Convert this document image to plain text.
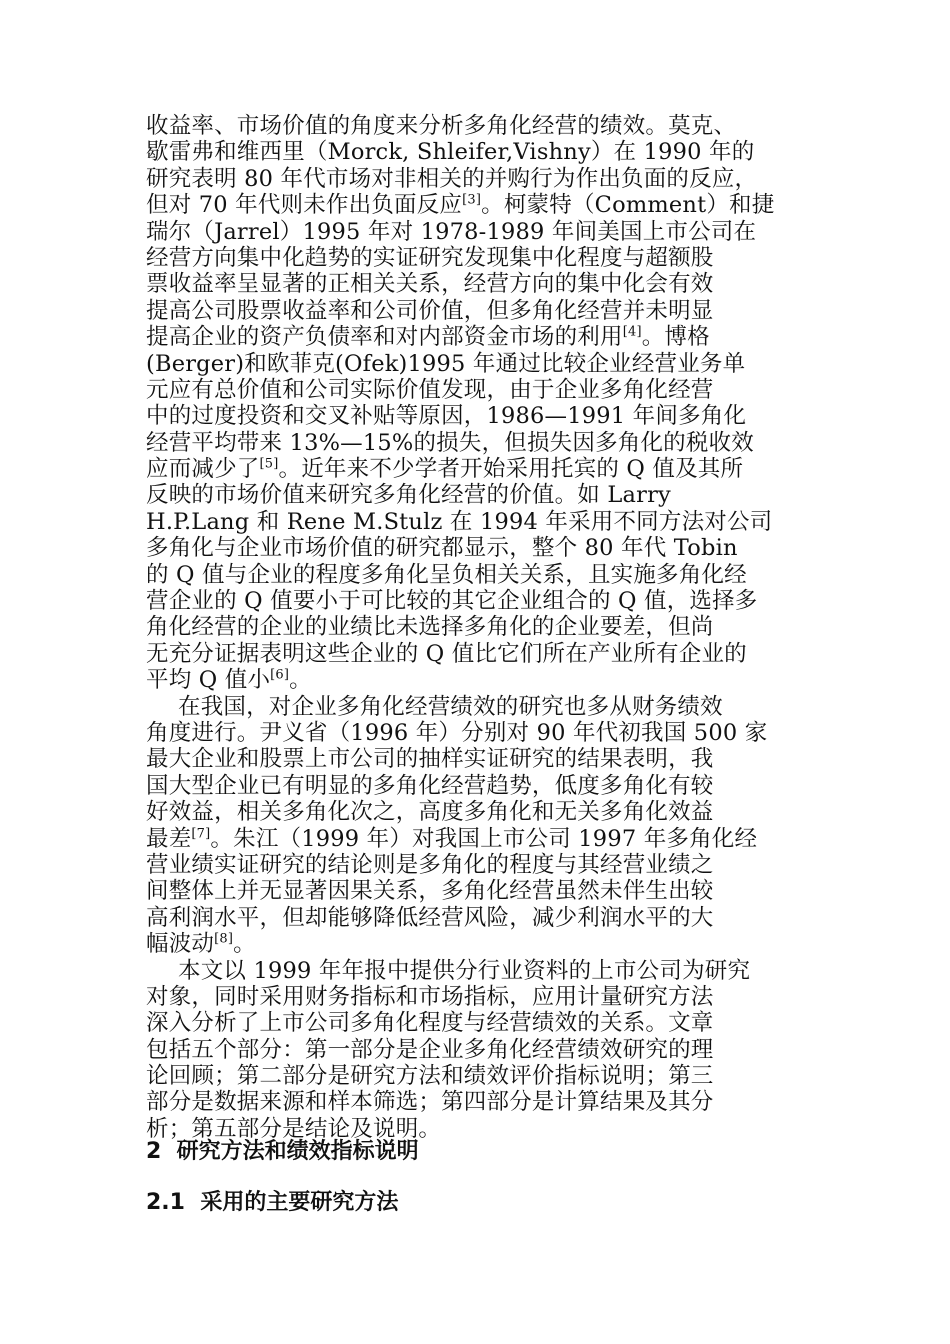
收益率、市场价值的角度来分析多角化经营的绩效。莫克、
歇雷弗和维西里（Morck, Shleifer,Vishny）在 1990 年的
研究表明 80 年代市场对非相关的并购行为作出负面的反应，
但对 70 年代则未作出负面反应[3]。柯蒙特（Comment）和捷
瑞尔（Jarrel）1995 年对 1978-1989 年间美国上市公司在
经营方向集中化趋势的实证研究发现集中化程度与超额股
票收益率呈显著的正相关关系，经营方向的集中化会有效
提高公司股票收益率和公司价值，但多角化经营并未明显
提高企业的资产负债率和对内部资金市场的利用[4]。博格
(Berger)和欧菲克(Ofek)1995 年通过比较企业经营业务单
元应有总价值和公司实际价值发现，由于企业多角化经营
中的过度投资和交叉补贴等原因，1986—1991 年间多角化
经营平均带来 13%—15%的损失，但损失因多角化的税收效
应而减少了[5]。近年来不少学者开始采用托宾的 Q 值及其所
反映的市场价值来研究多角化经营的价值。如 Larry
H.P.Lang 和 Rene M.Stulz 在 1994 年采用不同方法对公司
多角化与企业市场价值的研究都显示，整个 80 年代 Tobin
的 Q 值与企业的程度多角化呈负相关关系，且实施多角化经
营企业的 Q 值要小于可比较的其它企业组合的 Q 值，选择多
角化经营的企业的业绩比未选择多角化的企业要差，但尚
无充分证据表明这些企业的 Q 值比它们所在产业所有企业的
平均 Q 值小[6]。
在我国，对企业多角化经营绩效的研究也多从财务绩效
角度进行。尹义省（1996 年）分别对 90 年代初我国 500 家
最大企业和股票上市公司的抽样实证研究的结果表明，我
国大型企业已有明显的多角化经营趋势，低度多角化有较
好效益，相关多角化次之，高度多角化和无关多角化效益
最差[7]。朱江（1999 年）对我国上市公司 1997 年多角化经
营业绩实证研究的结论则是多角化的程度与其经营业绩之
间整体上并无显著因果关系，多角化经营虽然未伴生出较
高利润水平，但却能够降低经营风险，减少利润水平的大
幅波动[8]。
本文以 1999 年年报中提供分行业资料的上市公司为研究
对象，同时采用财务指标和市场指标，应用计量研究方法
深入分析了上市公司多角化程度与经营绩效的关系。文章
包括五个部分：第一部分是企业多角化经营绩效研究的理
论回顾；第二部分是研究方法和绩效评价指标说明；第三
部分是数据来源和样本筛选；第四部分是计算结果及其分
析；第五部分是结论及说明。
2 研究方法和绩效指标说明
2.1 采用的主要研究方法
